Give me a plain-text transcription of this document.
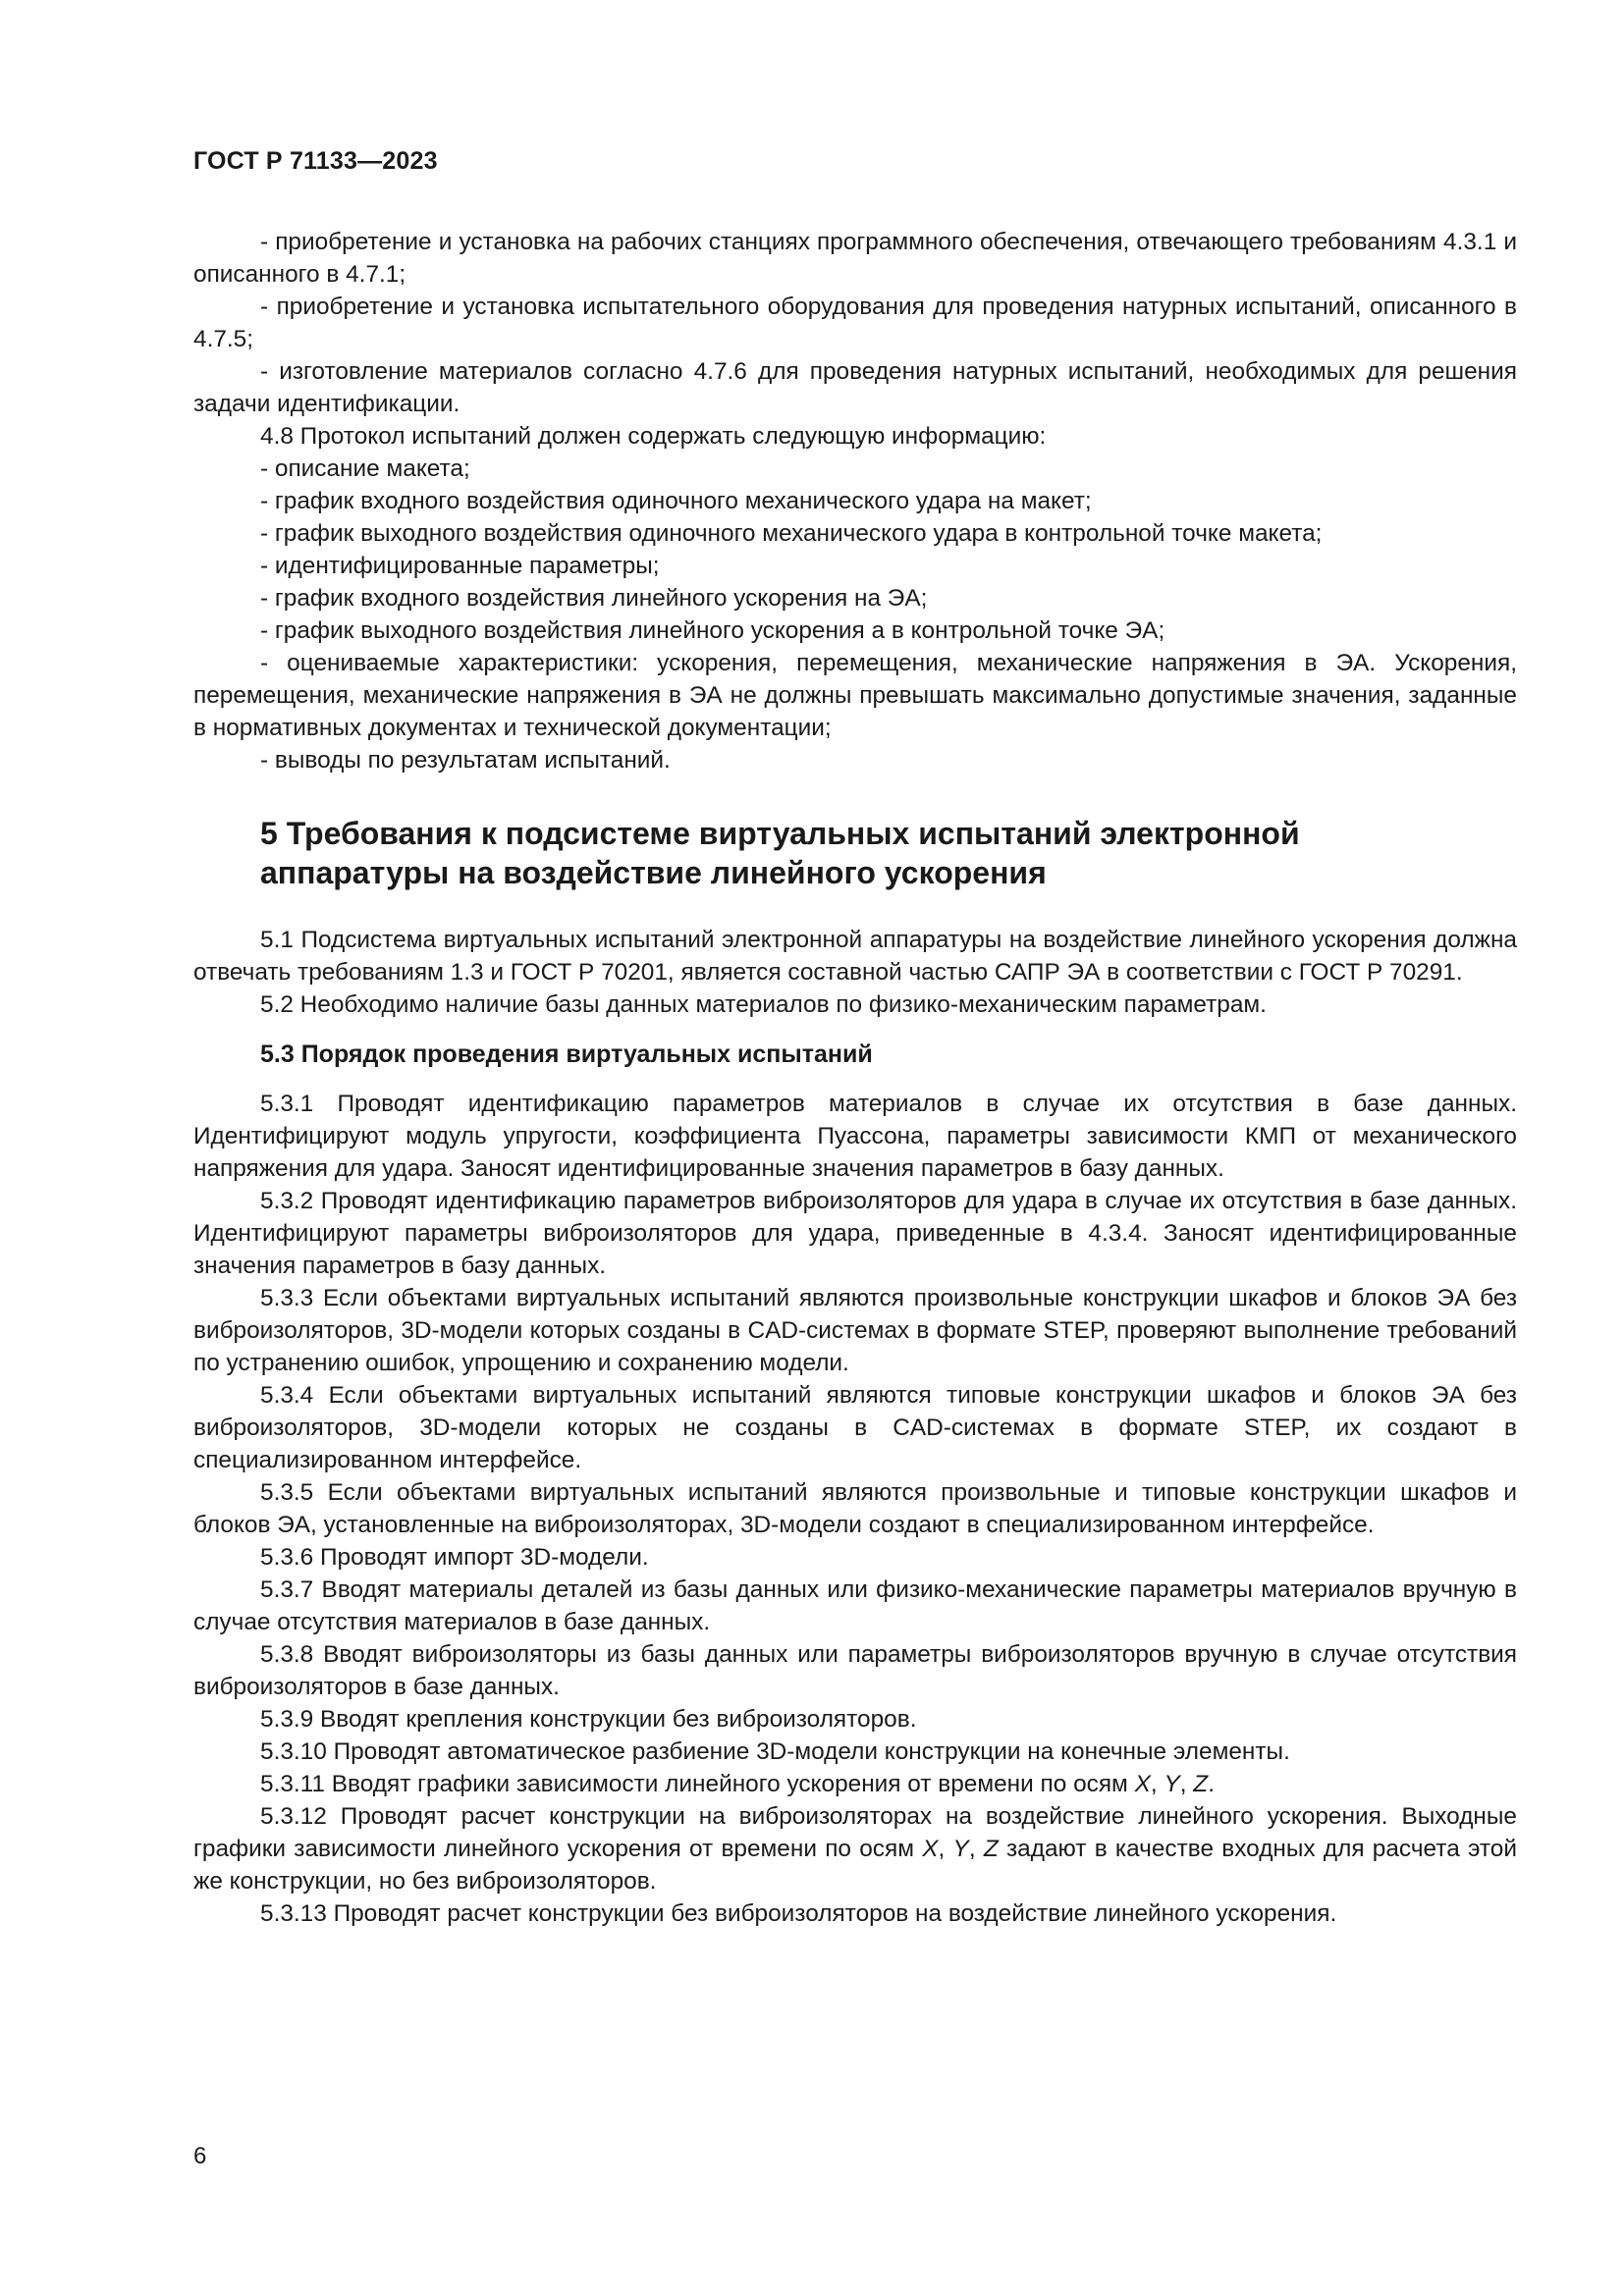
ГОСТ Р 71133—2023

- приобретение и установка на рабочих станциях программного обеспечения, отвечающего требованиям 4.3.1 и описанного в 4.7.1;

- приобретение и установка испытательного оборудования для проведения натурных испытаний, описанного в 4.7.5;

- изготовление материалов согласно 4.7.6 для проведения натурных испытаний, необходимых для решения задачи идентификации.

4.8 Протокол испытаний должен содержать следующую информацию:

- описание макета;

- график входного воздействия одиночного механического удара на макет;

- график выходного воздействия одиночного механического удара в контрольной точке макета;

- идентифицированные параметры;

- график входного воздействия линейного ускорения на ЭА;

- график выходного воздействия линейного ускорения а в контрольной точке ЭА;

- оцениваемые характеристики: ускорения, перемещения, механические напряжения в ЭА. Ускорения, перемещения, механические напряжения в ЭА не должны превышать максимально допустимые значения, заданные в нормативных документах и технической документации;

- выводы по результатам испытаний.

5 Требования к подсистеме виртуальных испытаний электронной аппаратуры на воздействие линейного ускорения

5.1 Подсистема виртуальных испытаний электронной аппаратуры на воздействие линейного ускорения должна отвечать требованиям 1.3 и ГОСТ Р 70201, является составной частью САПР ЭА в соответствии с ГОСТ Р 70291.

5.2 Необходимо наличие базы данных материалов по физико-механическим параметрам.

5.3 Порядок проведения виртуальных испытаний

5.3.1 Проводят идентификацию параметров материалов в случае их отсутствия в базе данных. Идентифицируют модуль упругости, коэффициента Пуассона, параметры зависимости КМП от механического напряжения для удара. Заносят идентифицированные значения параметров в базу данных.

5.3.2 Проводят идентификацию параметров виброизоляторов для удара в случае их отсутствия в базе данных. Идентифицируют параметры виброизоляторов для удара, приведенные в 4.3.4. Заносят идентифицированные значения параметров в базу данных.

5.3.3 Если объектами виртуальных испытаний являются произвольные конструкции шкафов и блоков ЭА без виброизоляторов, 3D-модели которых созданы в CAD-системах в формате STEP, проверяют выполнение требований по устранению ошибок, упрощению и сохранению модели.

5.3.4 Если объектами виртуальных испытаний являются типовые конструкции шкафов и блоков ЭА без виброизоляторов, 3D-модели которых не созданы в CAD-системах в формате STEP, их создают в специализированном интерфейсе.

5.3.5 Если объектами виртуальных испытаний являются произвольные и типовые конструкции шкафов и блоков ЭА, установленные на виброизоляторах, 3D-модели создают в специализированном интерфейсе.

5.3.6 Проводят импорт 3D-модели.

5.3.7 Вводят материалы деталей из базы данных или физико-механические параметры материалов вручную в случае отсутствия материалов в базе данных.

5.3.8 Вводят виброизоляторы из базы данных или параметры виброизоляторов вручную в случае отсутствия виброизоляторов в базе данных.

5.3.9 Вводят крепления конструкции без виброизоляторов.

5.3.10 Проводят автоматическое разбиение 3D-модели конструкции на конечные элементы.

5.3.11 Вводят графики зависимости линейного ускорения от времени по осям X, Y, Z.

5.3.12 Проводят расчет конструкции на виброизоляторах на воздействие линейного ускорения. Выходные графики зависимости линейного ускорения от времени по осям X, Y, Z задают в качестве входных для расчета этой же конструкции, но без виброизоляторов.

5.3.13 Проводят расчет конструкции без виброизоляторов на воздействие линейного ускорения.

6
